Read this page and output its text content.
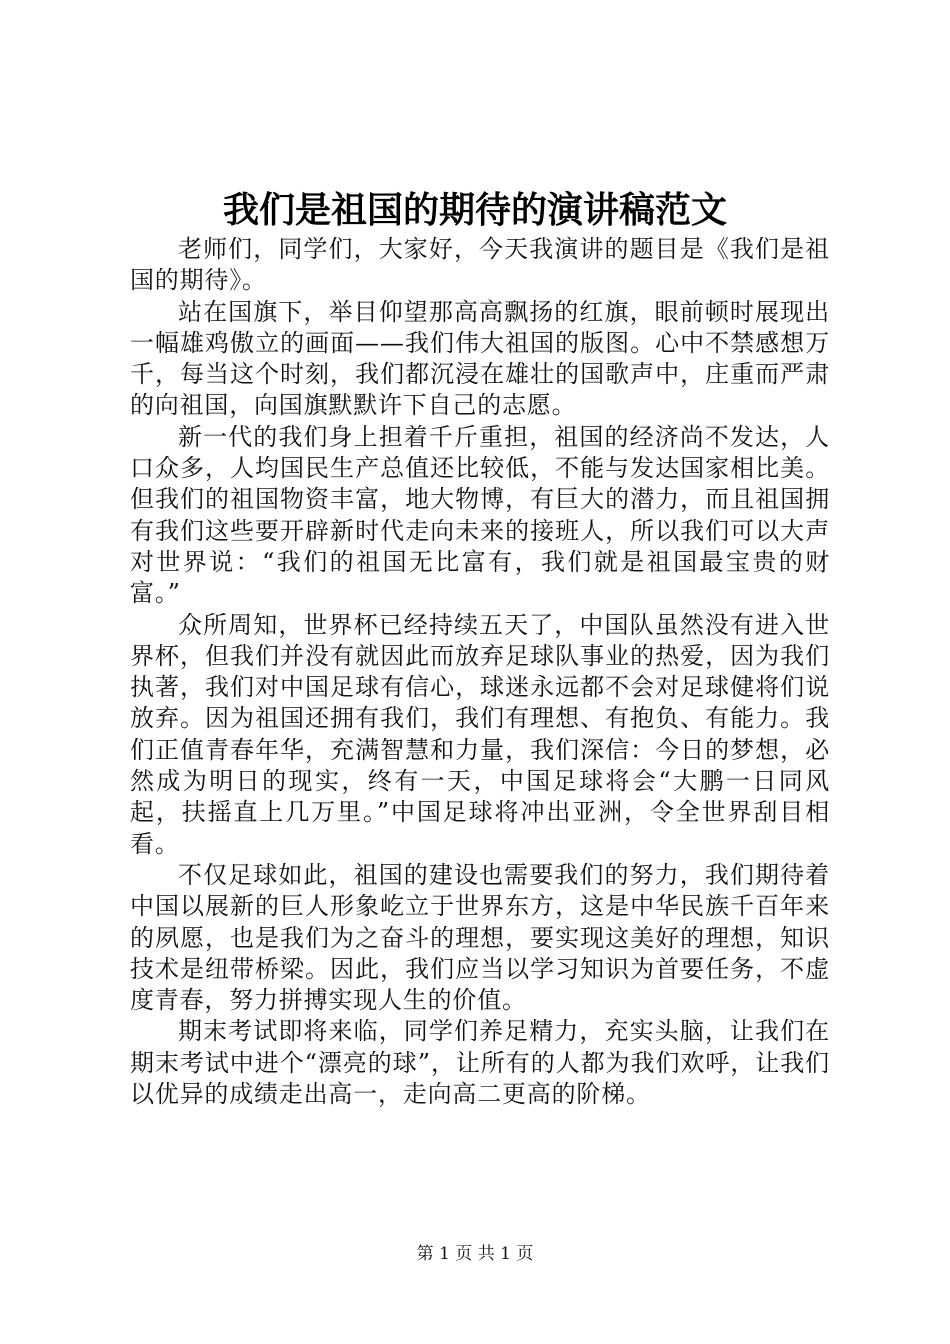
我们是祖国的期待的演讲稿范文

老师们，同学们，大家好，今天我演讲的题目是《我们是祖国的期待》。

站在国旗下，举目仰望那高高飘扬的红旗，眼前顿时展现出一幅雄鸡傲立的画面——我们伟大祖国的版图。心中不禁感想万千，每当这个时刻，我们都沉浸在雄壮的国歌声中，庄重而严肃的向祖国，向国旗默默许下自己的志愿。

新一代的我们身上担着千斤重担，祖国的经济尚不发达，人口众多，人均国民生产总值还比较低，不能与发达国家相比美。但我们的祖国物资丰富，地大物博，有巨大的潜力，而且祖国拥有我们这些要开辟新时代走向未来的接班人，所以我们可以大声对世界说：“我们的祖国无比富有，我们就是祖国最宝贵的财富。”

众所周知，世界杯已经持续五天了，中国队虽然没有进入世界杯，但我们并没有就因此而放弃足球队事业的热爱，因为我们执著，我们对中国足球有信心，球迷永远都不会对足球健将们说放弃。因为祖国还拥有我们，我们有理想、有抱负、有能力。我们正值青春年华，充满智慧和力量，我们深信：今日的梦想，必然成为明日的现实，终有一天，中国足球将会“大鹏一日同风起，扶摇直上几万里。”中国足球将冲出亚洲，令全世界刮目相看。

不仅足球如此，祖国的建设也需要我们的努力，我们期待着中国以展新的巨人形象屹立于世界东方，这是中华民族千百年来的夙愿，也是我们为之奋斗的理想，要实现这美好的理想，知识技术是纽带桥梁。因此，我们应当以学习知识为首要任务，不虚度青春，努力拼搏实现人生的价值。

期末考试即将来临，同学们养足精力，充实头脑，让我们在期末考试中进个“漂亮的球”，让所有的人都为我们欢呼，让我们以优异的成绩走出高一，走向高二更高的阶梯。

第 1 页 共 1 页
